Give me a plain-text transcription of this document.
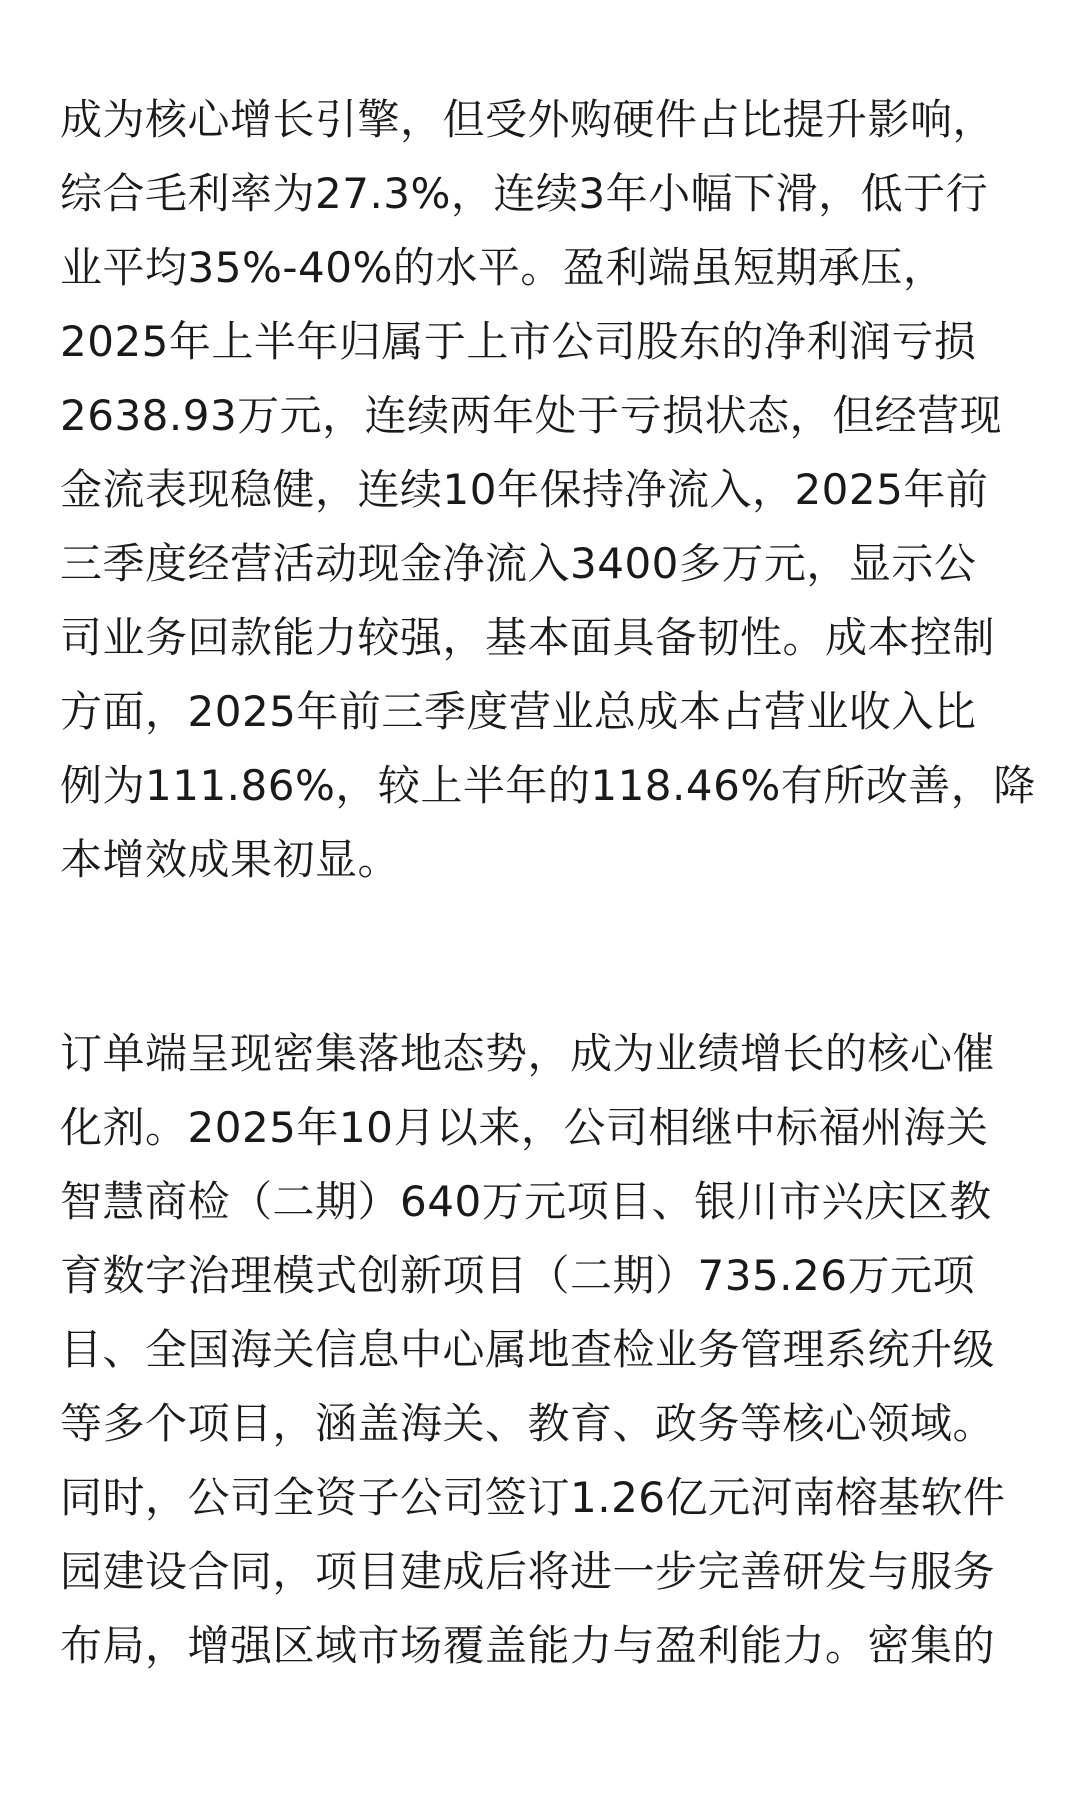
成为核心增长引擎，但受外购硬件占比提升影响，
综合毛利率为27.3%，连续3年小幅下滑，低于行
业平均35%-40%的水平。盈利端虽短期承压，
2025年上半年归属于上市公司股东的净利润亏损
2638.93万元，连续两年处于亏损状态，但经营现
金流表现稳健，连续10年保持净流入，2025年前
三季度经营活动现金净流入3400多万元，显示公
司业务回款能力较强，基本面具备韧性。成本控制
方面，2025年前三季度营业总成本占营业收入比
例为111.86%，较上半年的118.46%有所改善，降
本增效成果初显。

订单端呈现密集落地态势，成为业绩增长的核心催
化剂。2025年10月以来，公司相继中标福州海关
智慧商检（二期）640万元项目、银川市兴庆区教
育数字治理模式创新项目（二期）735.26万元项
目、全国海关信息中心属地查检业务管理系统升级
等多个项目，涵盖海关、教育、政务等核心领域。
同时，公司全资子公司签订1.26亿元河南榕基软件
园建设合同，项目建成后将进一步完善研发与服务
布局，增强区域市场覆盖能力与盈利能力。密集的
